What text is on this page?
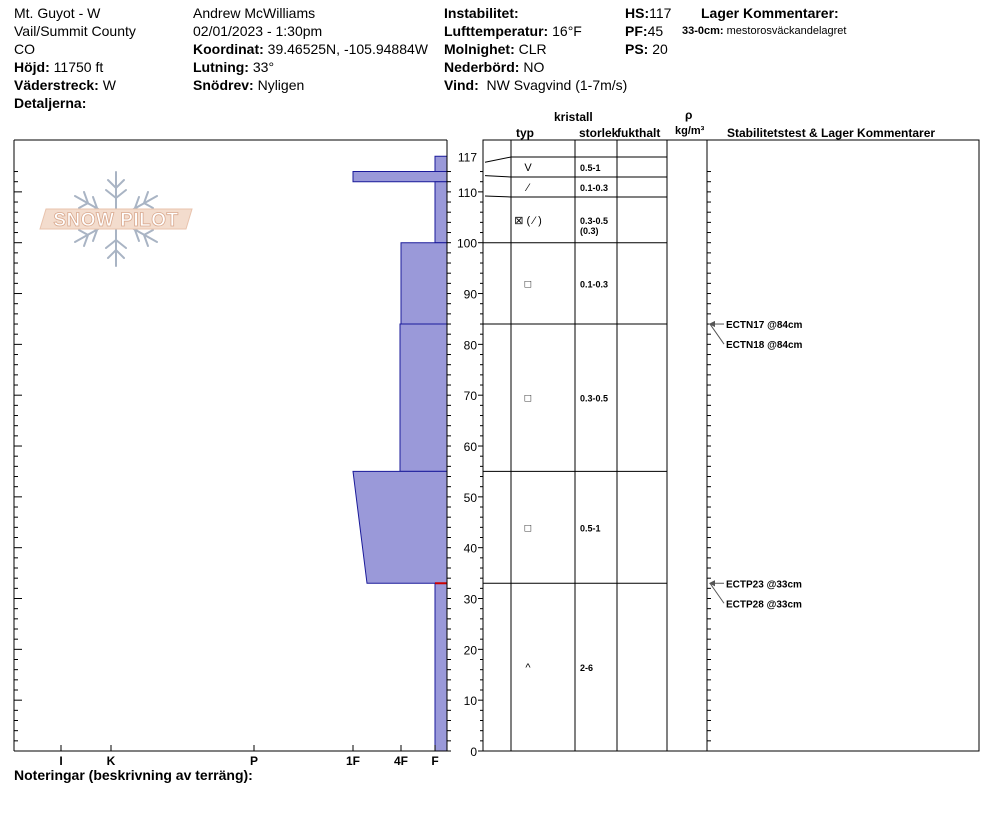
Mt. Guyot - W
Vail/Summit County
CO
Höjd: 11750 ft
Väderstreck: W
Detaljerna:
Andrew McWilliams
02/01/2023 - 1:30pm
Koordinat: 39.46525N, -105.94884W
Lutning: 33°
Snödrev: Nyligen
Instabilitet:
Lufttemperatur: 16°F
Molnighet: CLR
Nederbörd: NO
Vind: NW Svagvind (1-7m/s)
HS:117
PF:45
PS: 20
Lager Kommentarer:
33-0cm: mestorosväckandelagret
SNOW PILOT
0
10
20
30
40
50
60
70
80
90
100
110
117
I	K	P	1F	4F F
V	0.5-1
⁄	0.1-0.3
⊠ ( ⁄ )	0.3-0.5
(0.3)
□	0.1-0.3
□	0.3-0.5
□	0.5-1
^	2-6
kristall
typ	storlek
fukthalt
ρ
kg/m³ Stabilitetstest & Lager Kommentarer
ECTN17 @84cm
ECTN18 @84cm
ECTP23 @33cm
ECTP28 @33cm
Noteringar (beskrivning av terräng):
